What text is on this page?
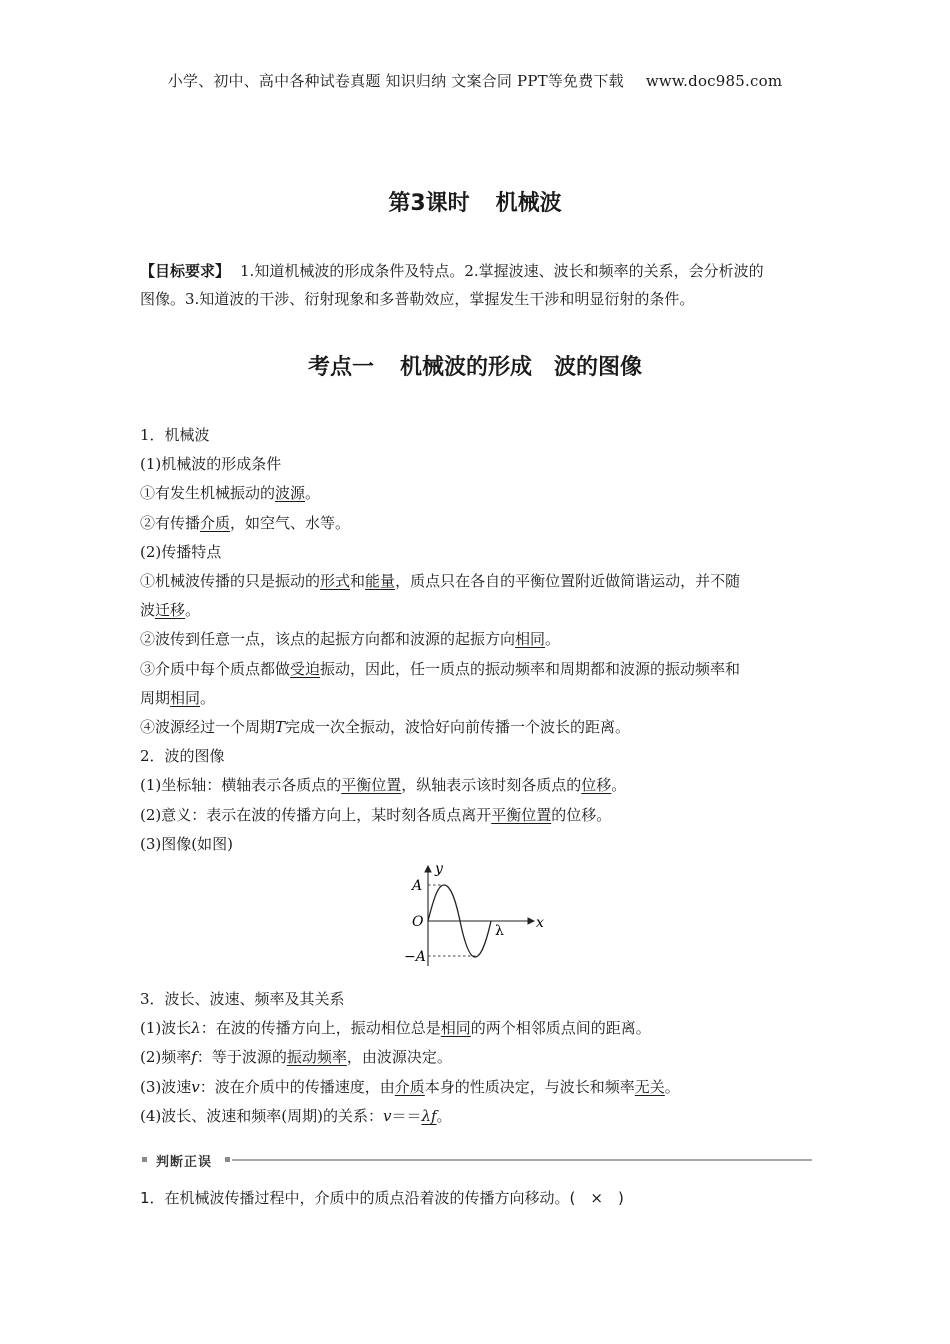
小学、初中、高中各种试卷真题 知识归纳 文案合同 PPT等免费下载 www.doc985.com
第3课时 机械波
【目标要求】 1.知道机械波的形成条件及特点。2.掌握波速、波长和频率的关系，会分析波的
图像。3.知道波的干涉、衍射现象和多普勒效应，掌握发生干涉和明显衍射的条件。
考点一 机械波的形成　波的图像
1．机械波
(1)机械波的形成条件
①有发生机械振动的波源。
②有传播介质，如空气、水等。
(2)传播特点
①机械波传播的只是振动的形式和能量，质点只在各自的平衡位置附近做简谐运动，并不随
波迁移。
②波传到任意一点，该点的起振方向都和波源的起振方向相同。
③介质中每个质点都做受迫振动，因此，任一质点的振动频率和周期都和波源的振动频率和
周期相同。
④波源经过一个周期T完成一次全振动，波恰好向前传播一个波长的距离。
2．波的图像
(1)坐标轴：横轴表示各质点的平衡位置，纵轴表示该时刻各质点的位移。
(2)意义：表示在波的传播方向上，某时刻各质点离开平衡位置的位移。
(3)图像(如图)
y
A
O
−A
λ x
3．波长、波速、频率及其关系
(1)波长λ：在波的传播方向上，振动相位总是相同的两个相邻质点间的距离。
(2)频率f：等于波源的振动频率，由波源决定。
(3)波速v：波在介质中的传播速度，由介质本身的性质决定，与波长和频率无关。
(4)波长、波速和频率(周期)的关系：v＝＝λf。
判断正误
1．在机械波传播过程中，介质中的质点沿着波的传播方向移动。(　×　)
